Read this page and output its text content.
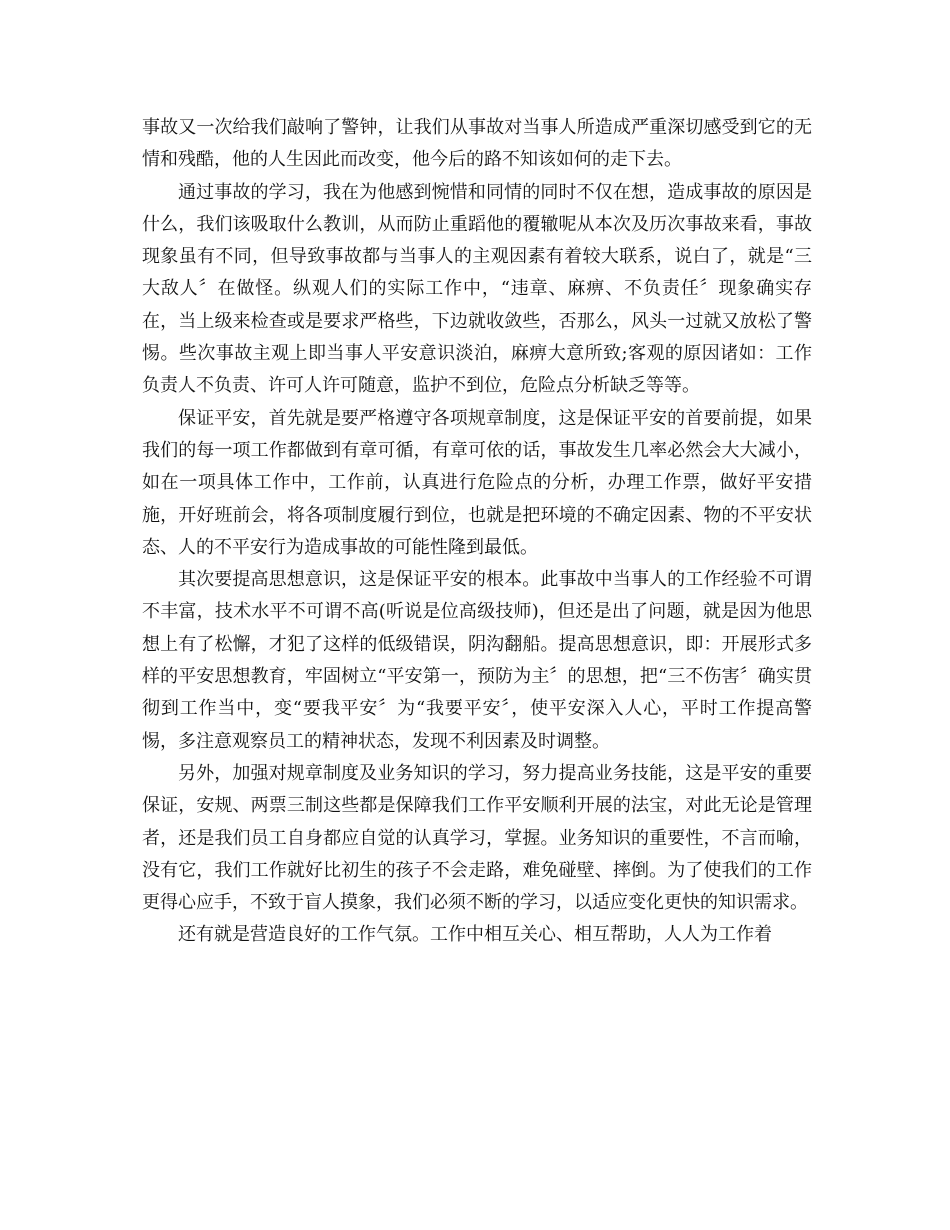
事故又一次给我们敲响了警钟，让我们从事故对当事人所造成严重深切感受到它的无情和残酷，他的人生因此而改变，他今后的路不知该如何的走下去。

通过事故的学习，我在为他感到惋惜和同情的同时不仅在想，造成事故的原因是什么，我们该吸取什么教训，从而防止重蹈他的覆辙呢从本次及历次事故来看，事故现象虽有不同，但导致事故都与当事人的主观因素有着较大联系，说白了，就是“三大敌人〞在做怪。纵观人们的实际工作中，“违章、麻痹、不负责任〞现象确实存在，当上级来检查或是要求严格些，下边就收敛些，否那么，风头一过就又放松了警惕。些次事故主观上即当事人平安意识淡泊，麻痹大意所致;客观的原因诸如：工作负责人不负责、许可人许可随意，监护不到位，危险点分析缺乏等等。

保证平安，首先就是要严格遵守各项规章制度，这是保证平安的首要前提，如果我们的每一项工作都做到有章可循，有章可依的话，事故发生几率必然会大大减小，如在一项具体工作中，工作前，认真进行危险点的分析，办理工作票，做好平安措施，开好班前会，将各项制度履行到位，也就是把环境的不确定因素、物的不平安状态、人的不平安行为造成事故的可能性隆到最低。

其次要提高思想意识，这是保证平安的根本。此事故中当事人的工作经验不可谓不丰富，技术水平不可谓不高(听说是位高级技师)，但还是出了问题，就是因为他思想上有了松懈，才犯了这样的低级错误，阴沟翻船。提高思想意识，即：开展形式多样的平安思想教育，牢固树立“平安第一，预防为主〞的思想，把“三不伤害〞确实贯彻到工作当中，变“要我平安〞为“我要平安〞，使平安深入人心，平时工作提高警惕，多注意观察员工的精神状态，发现不利因素及时调整。

另外，加强对规章制度及业务知识的学习，努力提高业务技能，这是平安的重要保证，安规、两票三制这些都是保障我们工作平安顺利开展的法宝，对此无论是管理者，还是我们员工自身都应自觉的认真学习，掌握。业务知识的重要性，不言而喻，没有它，我们工作就好比初生的孩子不会走路，难免碰壁、摔倒。为了使我们的工作更得心应手，不致于盲人摸象，我们必须不断的学习，以适应变化更快的知识需求。

还有就是营造良好的工作气氛。工作中相互关心、相互帮助，人人为工作着
